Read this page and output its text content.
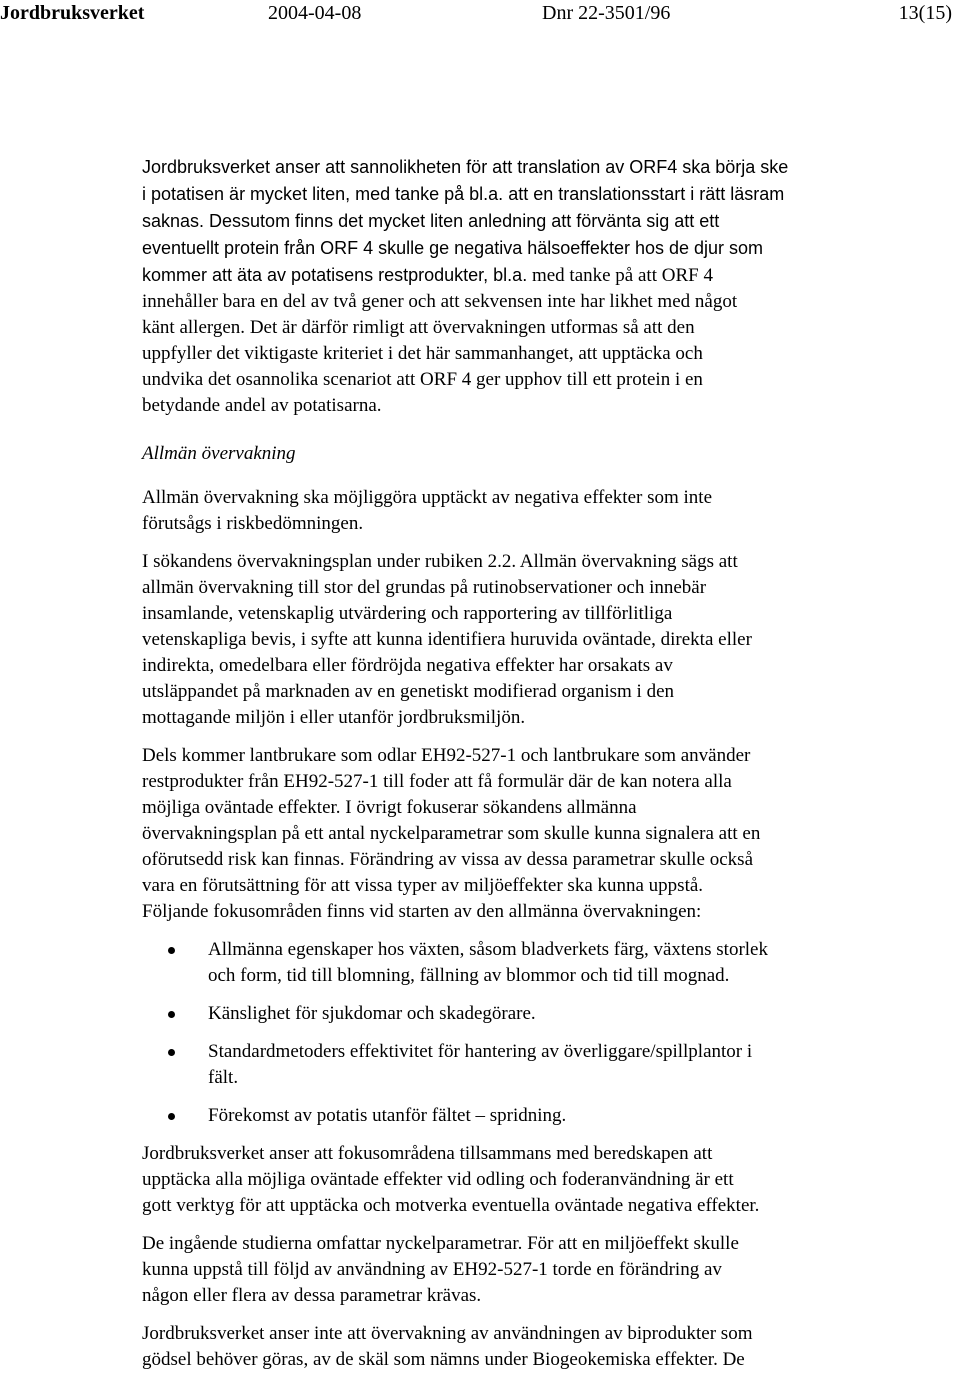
Jordbruksverket	2004-04-08	Dnr 22-3501/96	13(15)
Jordbruksverket anser att sannolikheten för att translation av ORF4 ska börja ske
i potatisen är mycket liten, med tanke på bl.a. att en translationsstart i rätt läsram
saknas. Dessutom finns det mycket liten anledning att förvänta sig att ett
eventuellt protein från ORF 4 skulle ge negativa hälsoeffekter hos de djur som
kommer att äta av potatisens restprodukter, bl.a. med tanke på att ORF 4
innehåller bara en del av två gener och att sekvensen inte har likhet med något
känt allergen. Det är därför rimligt att övervakningen utformas så att den
uppfyller det viktigaste kriteriet i det här sammanhanget, att upptäcka och
undvika det osannolika scenariot att ORF 4 ger upphov till ett protein i en
betydande andel av potatisarna.
Allmän övervakning
Allmän övervakning ska möjliggöra upptäckt av negativa effekter som inte
förutsågs i riskbedömningen.
I sökandens övervakningsplan under rubiken 2.2. Allmän övervakning sägs att
allmän övervakning till stor del grundas på rutinobservationer och innebär
insamlande, vetenskaplig utvärdering och rapportering av tillförlitliga
vetenskapliga bevis, i syfte att kunna identifiera huruvida oväntade, direkta eller
indirekta, omedelbara eller fördröjda negativa effekter har orsakats av
utsläppandet på marknaden av en genetiskt modifierad organism i den
mottagande miljön i eller utanför jordbruksmiljön.
Dels kommer lantbrukare som odlar EH92-527-1 och lantbrukare som använder
restprodukter från EH92-527-1 till foder att få formulär där de kan notera alla
möjliga oväntade effekter. I övrigt fokuserar sökandens allmänna
övervakningsplan på ett antal nyckelparametrar som skulle kunna signalera att en
oförutsedd risk kan finnas. Förändring av vissa av dessa parametrar skulle också
vara en förutsättning för att vissa typer av miljöeffekter ska kunna uppstå.
Följande fokusområden finns vid starten av den allmänna övervakningen:
Allmänna egenskaper hos växten, såsom bladverkets färg, växtens storlek
och form, tid till blomning, fällning av blommor och tid till mognad.
Känslighet för sjukdomar och skadegörare.
Standardmetoders effektivitet för hantering av överliggare/spillplantor i
fält.
Förekomst av potatis utanför fältet – spridning.
Jordbruksverket anser att fokusområdena tillsammans med beredskapen att
upptäcka alla möjliga oväntade effekter vid odling och foderanvändning är ett
gott verktyg för att upptäcka och motverka eventuella oväntade negativa effekter.
De ingående studierna omfattar nyckelparametrar. För att en miljöeffekt skulle
kunna uppstå till följd av användning av EH92-527-1 torde en förändring av
någon eller flera av dessa parametrar krävas.
Jordbruksverket anser inte att övervakning av användningen av biprodukter som
gödsel behöver göras, av de skäl som nämns under Biogeokemiska effekter. De
